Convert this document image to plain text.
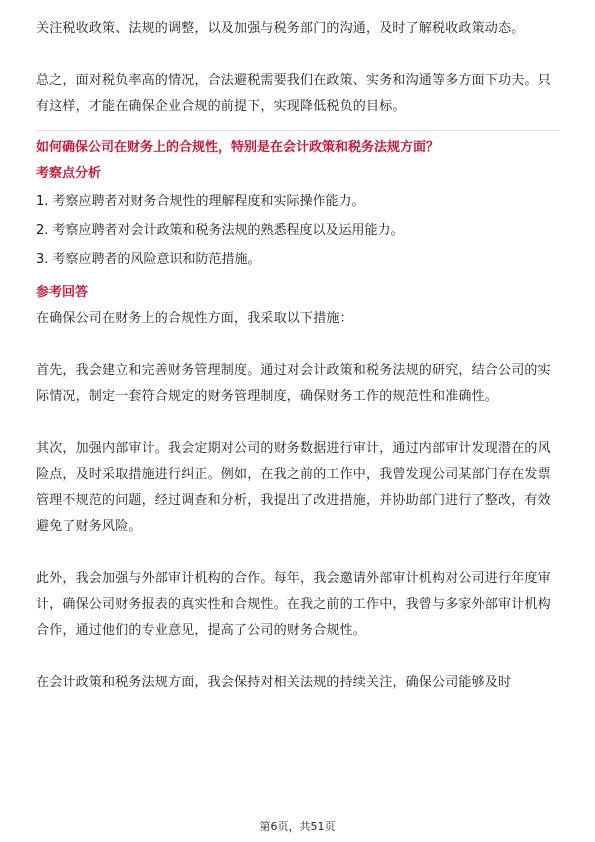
关注税收政策、法规的调整，以及加强与税务部门的沟通，及时了解税收政策动态。

总之，面对税负率高的情况，合法避税需要我们在政策、实务和沟通等多方面下功夫。只有这样，才能在确保企业合规的前提下，实现降低税负的目标。

如何确保公司在财务上的合规性，特别是在会计政策和税务法规方面？

考察点分析

1. 考察应聘者对财务合规性的理解程度和实际操作能力。

2. 考察应聘者对会计政策和税务法规的熟悉程度以及运用能力。

3. 考察应聘者的风险意识和防范措施。

参考回答

在确保公司在财务上的合规性方面，我采取以下措施：

首先，我会建立和完善财务管理制度。通过对会计政策和税务法规的研究，结合公司的实际情况，制定一套符合规定的财务管理制度，确保财务工作的规范性和准确性。

其次，加强内部审计。我会定期对公司的财务数据进行审计，通过内部审计发现潜在的风险点，及时采取措施进行纠正。例如，在我之前的工作中，我曾发现公司某部门存在发票管理不规范的问题，经过调查和分析，我提出了改进措施，并协助部门进行了整改，有效避免了财务风险。

此外，我会加强与外部审计机构的合作。每年，我会邀请外部审计机构对公司进行年度审计，确保公司财务报表的真实性和合规性。在我之前的工作中，我曾与多家外部审计机构合作，通过他们的专业意见，提高了公司的财务合规性。

在会计政策和税务法规方面，我会保持对相关法规的持续关注，确保公司能够及时

第6页，共51页
